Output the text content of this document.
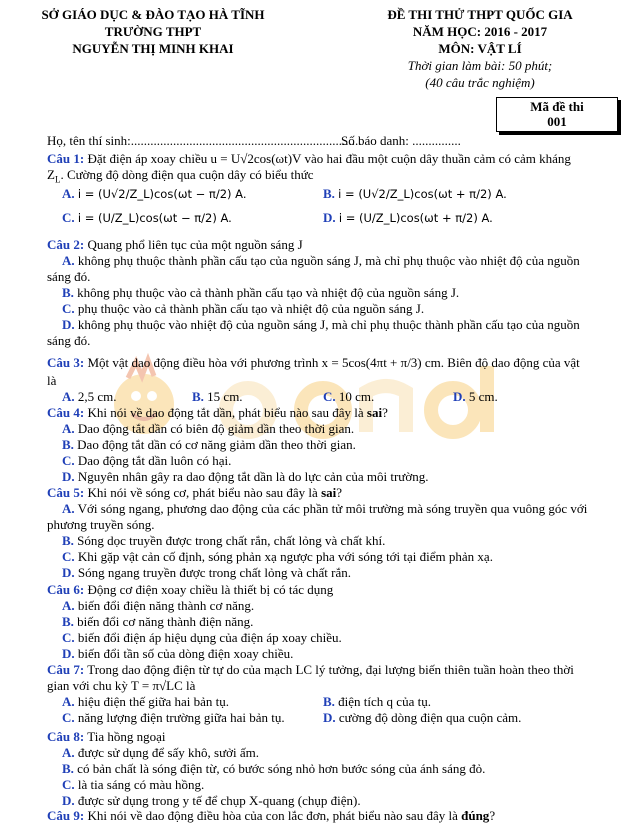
SỞ GIÁO DỤC & ĐÀO TẠO HÀ TĨNH
TRƯỜNG THPT
NGUYỄN THỊ MINH KHAI
ĐỀ THI THỬ THPT QUỐC GIA
NĂM HỌC: 2016 - 2017
MÔN: VẬT LÍ
Thời gian làm bài: 50 phút;
(40 câu trắc nghiệm)
Mã đề thi
001
Họ, tên thí sinh:.......................................................................
Số báo danh: ...............
Câu 1: Đặt điện áp xoay chiều u = U√2cos(ωt)V vào hai đầu một cuộn dây thuần cảm có cảm kháng
$Z_L$. Cường độ dòng điện qua cuộn dây có biểu thức
A. i = (U√2/Z_L)cos(ωt − π/2) A.	B. i = (U√2/Z_L)cos(ωt + π/2) A.
C. i = (U/Z_L)cos(ωt − π/2) A.	D. i = (U/Z_L)cos(ωt + π/2) A.
Câu 2: Quang phổ liên tục của một nguồn sáng J
A. không phụ thuộc thành phần cấu tạo của nguồn sáng J, mà chỉ phụ thuộc vào nhiệt độ của nguồn
sáng đó.
B. không phụ thuộc vào cả thành phần cấu tạo và nhiệt độ của nguồn sáng J.
C. phụ thuộc vào cả thành phần cấu tạo và nhiệt độ của nguồn sáng J.
D. không phụ thuộc vào nhiệt độ của nguồn sáng J, mà chỉ phụ thuộc thành phần cấu tạo của nguồn
sáng đó.
Câu 3: Một vật dao động điều hòa với phương trình x = 5cos(4πt + π/3) cm. Biên độ dao động của vật
là
A. 2,5 cm.	B. 15 cm.	C. 10 cm.	D. 5 cm.
Câu 4: Khi nói về dao động tắt dần, phát biểu nào sau đây là sai?
A. Dao động tắt dần có biên độ giảm dần theo thời gian.
B. Dao động tắt dần có cơ năng giảm dần theo thời gian.
C. Dao động tắt dần luôn có hại.
D. Nguyên nhân gây ra dao động tắt dần là do lực cản của môi trường.
Câu 5: Khi nói về sóng cơ, phát biểu nào sau đây là sai?
A. Với sóng ngang, phương dao động của các phần tử môi trường mà sóng truyền qua vuông góc với
phương truyền sóng.
B. Sóng dọc truyền được trong chất rắn, chất lỏng và chất khí.
C. Khi gặp vật cản cố định, sóng phản xạ ngược pha với sóng tới tại điểm phản xạ.
D. Sóng ngang truyền được trong chất lỏng và chất rắn.
Câu 6: Động cơ điện xoay chiều là thiết bị có tác dụng
A. biến đổi điện năng thành cơ năng.
B. biến đổi cơ năng thành điện năng.
C. biến đổi điện áp hiệu dụng của điện áp xoay chiều.
D. biến đổi tần số của dòng điện xoay chiều.
Câu 7: Trong dao động điện từ tự do của mạch LC lý tưởng, đại lượng biến thiên tuần hoàn theo thời
gian với chu kỳ T = π√LC là
A. hiệu điện thế giữa hai bản tụ.	B. điện tích q của tụ.
C. năng lượng điện trường giữa hai bản tụ.	D. cường độ dòng điện qua cuộn cảm.
Câu 8: Tia hồng ngoại
A. được sử dụng để sấy khô, sưởi ấm.
B. có bản chất là sóng điện từ, có bước sóng nhỏ hơn bước sóng của ánh sáng đỏ.
C. là tia sáng có màu hồng.
D. được sử dụng trong y tế để chụp X-quang (chụp điện).
Câu 9: Khi nói về dao động điều hòa của con lắc đơn, phát biểu nào sau đây là đúng?
